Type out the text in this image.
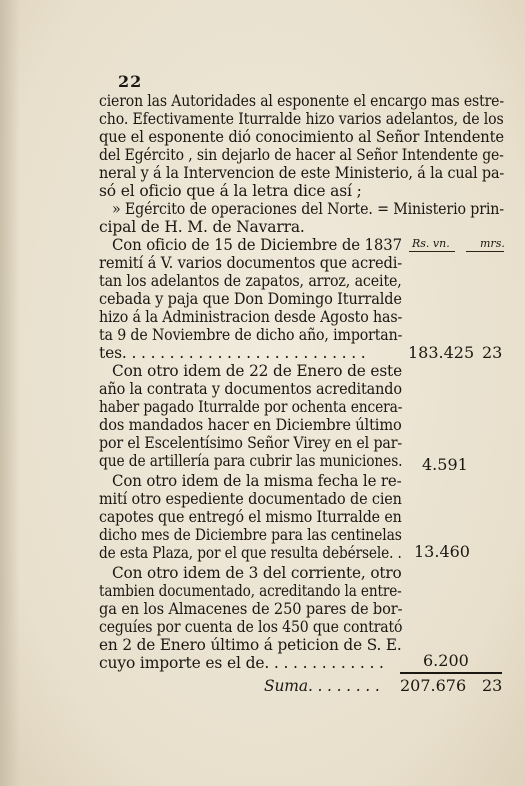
22
cieron las Autoridades al esponente el encargo mas estre-
cho. Efectivamente Iturralde hizo varios adelantos, de los
que el esponente dió conocimiento al Señor Intendente
del Egército , sin dejarlo de hacer al Señor Intendente ge-
neral y á la Intervencion de este Ministerio, á la cual pa-
só el oficio que á la letra dice así ;
» Egército de operaciones del Norte. = Ministerio prin-
cipal de H. M. de Navarra.
Rs. vn.	mrs.
Con oficio de 15 de Diciembre de 1837
remití á V. varios documentos que acredi-
tan los adelantos de zapatos, arroz, aceite,
cebada y paja que Don Domingo Iturralde
hizo á la Administracion desde Agosto has-
ta 9 de Noviembre de dicho año, importan-
tes. . . . . . . . . . . . . . . . . . . . . . . . . .	183.425 23
Con otro idem de 22 de Enero de este
año la contrata y documentos acreditando
haber pagado Iturralde por ochenta encera-
dos mandados hacer en Diciembre último
por el Escelentísimo Señor Virey en el par-
que de artillería para cubrir las municiones. 4.591
Con otro idem de la misma fecha le re-
mití otro espediente documentado de cien
capotes que entregó el mismo Iturralde en
dicho mes de Diciembre para las centinelas
de esta Plaza, por el que resulta debérsele. . 13.460
Con otro idem de 3 del corriente, otro
tambien documentado, acreditando la entre-
ga en los Almacenes de 250 pares de bor-
ceguíes por cuenta de los 450 que contrató
en 2 de Enero último á peticion de S. E.
cuyo importe es el de. . . . . . . . . . . . .	6.200
Suma. . . . . . . .	207.676 23
